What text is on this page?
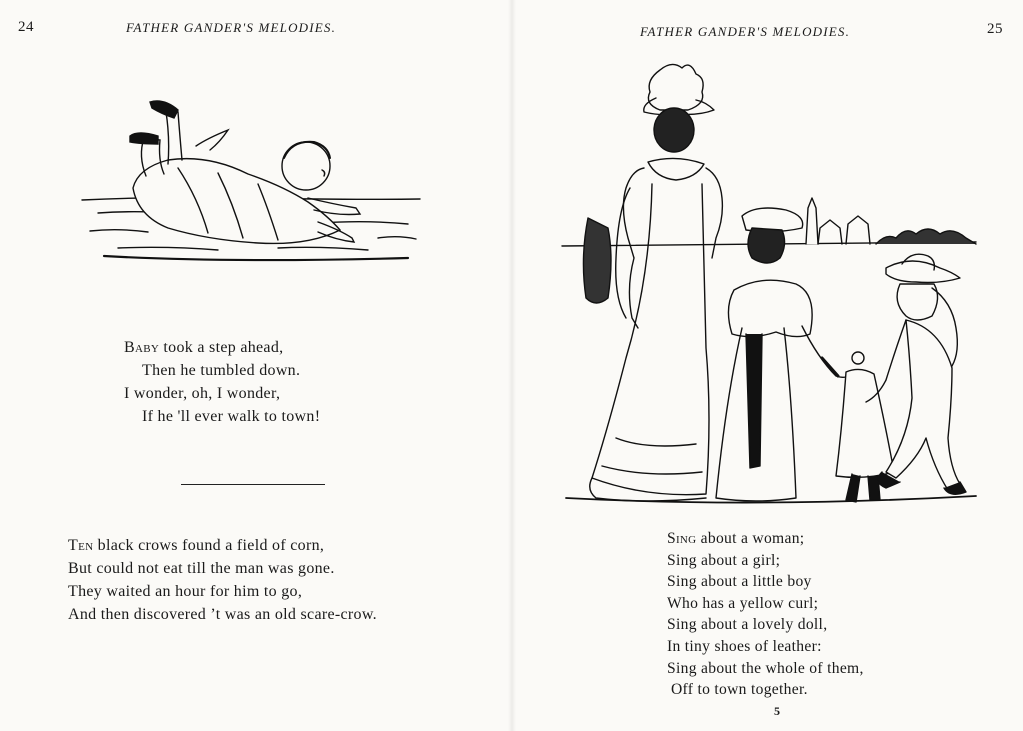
24	FATHER GANDER'S MELODIES.
Baby took a step ahead,
Then he tumbled down.
I wonder, oh, I wonder,
If he 'll ever walk to town!
Ten black crows found a field of corn,
But could not eat till the man was gone.
They waited an hour for him to go,
And then discovered ’t was an old scare-crow.
FATHER GANDER'S MELODIES.	25
Sing about a woman;
Sing about a girl;
Sing about a little boy
Who has a yellow curl;
Sing about a lovely doll,
In tiny shoes of leather:
Sing about the whole of them,
Off to town together.
5
